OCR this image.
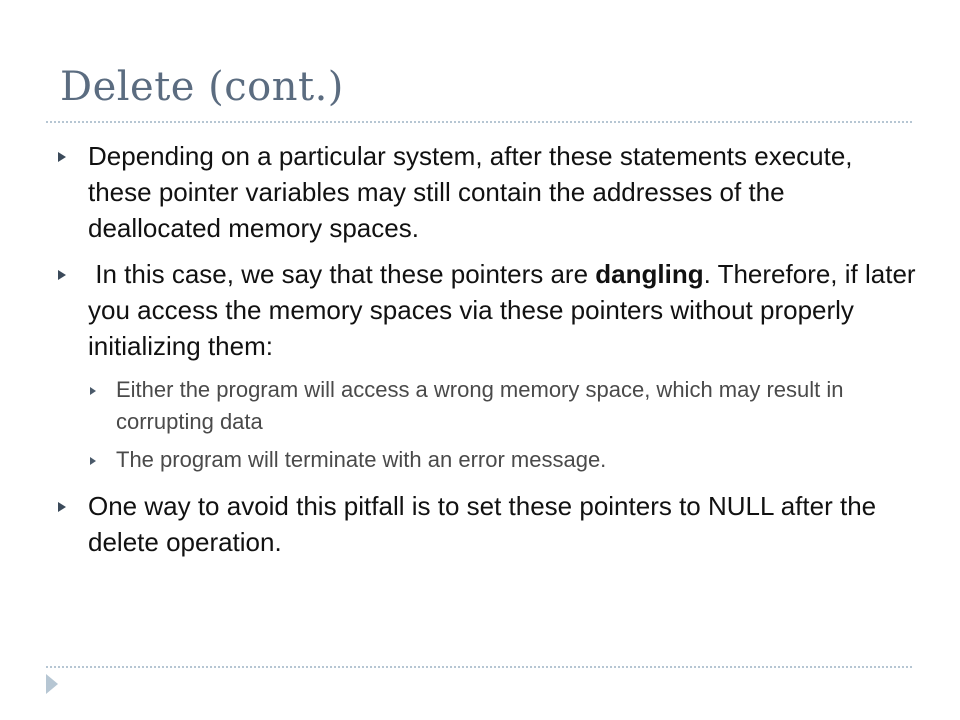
Delete (cont.)
Depending on a particular system, after these statements execute, these pointer variables may still contain the addresses of the deallocated memory spaces.
In this case, we say that these pointers are dangling. Therefore, if later you access the memory spaces via these pointers without properly initializing them:
Either the program will access a wrong memory space, which may result in corrupting data
The program will terminate with an error message.
One way to avoid this pitfall is to set these pointers to NULL after the delete operation.
